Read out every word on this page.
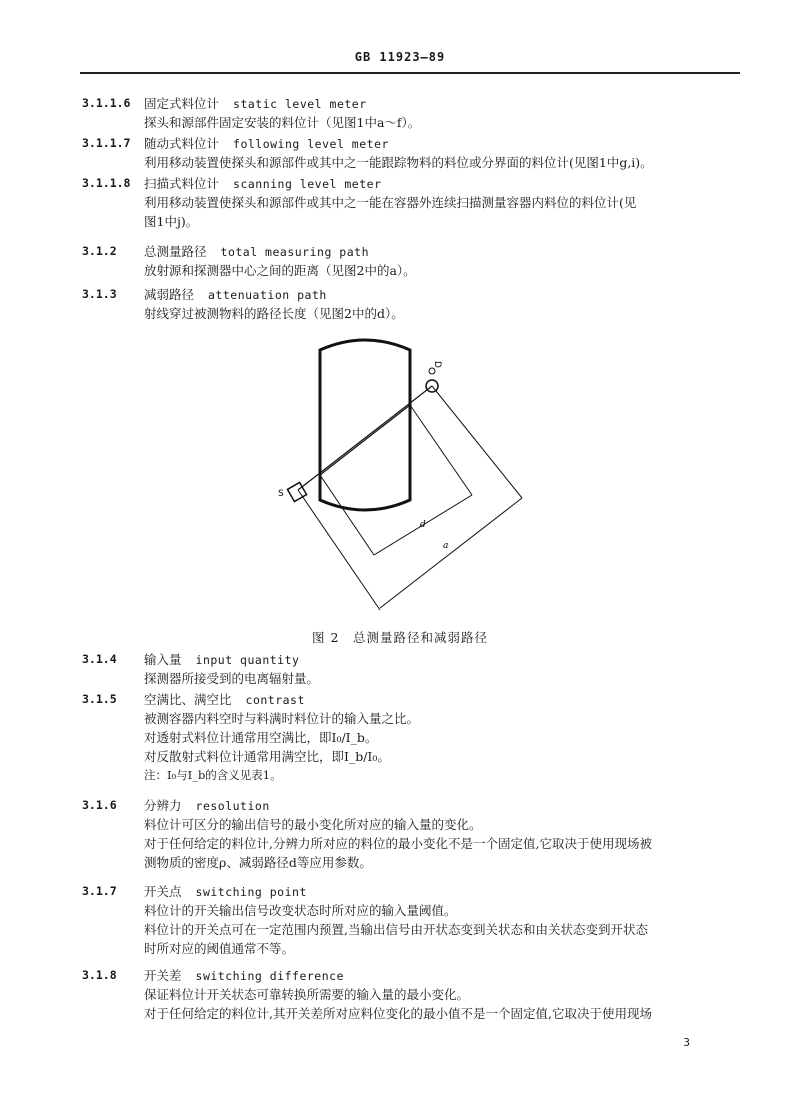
GB 11923—89
3.1.1.6 固定式料位计 static level meter
探头和源部件固定安装的料位计（见图1中a～f）。
3.1.1.7 随动式料位计 following level meter
利用移动装置使探头和源部件或其中之一能跟踪物料的料位或分界面的料位计(见图1中g,i)。
3.1.1.8 扫描式料位计 scanning level meter
利用移动装置使探头和源部件或其中之一能在容器外连续扫描测量容器内料位的料位计(见
图1中j)。
3.1.2 总测量路径 total measuring path
放射源和探测器中心之间的距离（见图2中的a）。
3.1.3 减弱路径 attenuation path
射线穿过被测物料的路径长度（见图2中的d）。
D
S
d
a
图 2　总测量路径和减弱路径
3.1.4 输入量 input quantity
探测器所接受到的电离辐射量。
3.1.5 空满比、满空比 contrast
被测容器内料空时与料满时料位计的输入量之比。
对透射式料位计通常用空满比，即I₀/I_b。
对反散射式料位计通常用满空比，即I_b/I₀。
注：I₀与I_b的含义见表1。
3.1.6 分辨力 resolution
料位计可区分的输出信号的最小变化所对应的输入量的变化。
对于任何给定的料位计,分辨力所对应的料位的最小变化不是一个固定值,它取决于使用现场被
测物质的密度ρ、减弱路径d等应用参数。
3.1.7 开关点 switching point
料位计的开关输出信号改变状态时所对应的输入量阈值。
料位计的开关点可在一定范围内预置,当输出信号由开状态变到关状态和由关状态变到开状态
时所对应的阈值通常不等。
3.1.8 开关差 switching difference
保证料位计开关状态可靠转换所需要的输入量的最小变化。
对于任何给定的料位计,其开关差所对应料位变化的最小值不是一个固定值,它取决于使用现场
3
